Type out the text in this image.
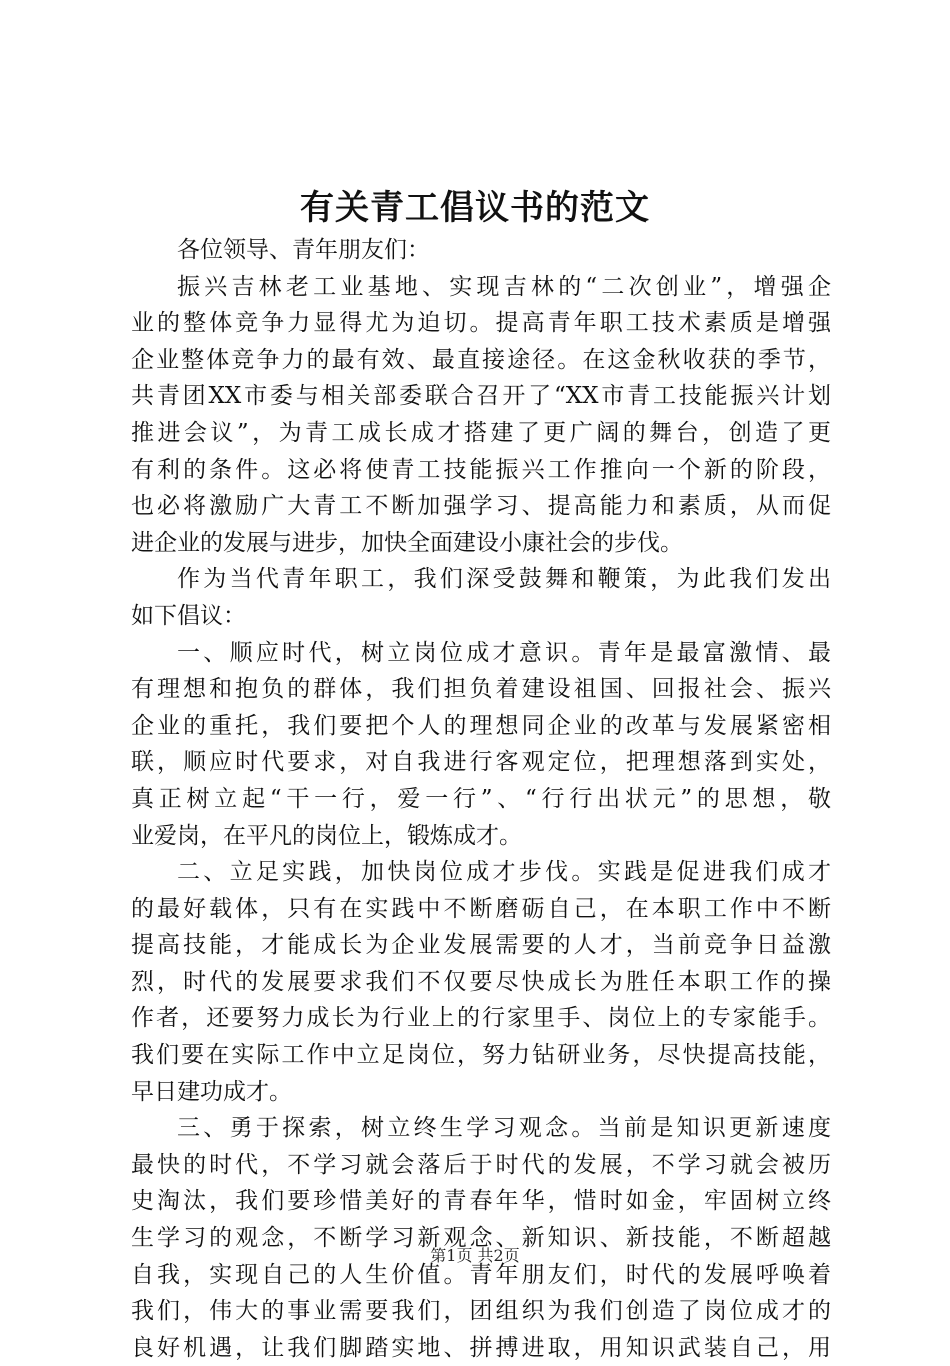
有关青工倡议书的范文
各位领导、青年朋友们：
振兴吉林老工业基地、实现吉林的“二次创业”，增强企
业的整体竞争力显得尤为迫切。提高青年职工技术素质是增强
企业整体竞争力的最有效、最直接途径。在这金秋收获的季节，
共青团XX市委与相关部委联合召开了“XX市青工技能振兴计划
推进会议”，为青工成长成才搭建了更广阔的舞台，创造了更
有利的条件。这必将使青工技能振兴工作推向一个新的阶段，
也必将激励广大青工不断加强学习、提高能力和素质，从而促
进企业的发展与进步，加快全面建设小康社会的步伐。
作为当代青年职工，我们深受鼓舞和鞭策，为此我们发出
如下倡议：
一、顺应时代，树立岗位成才意识。青年是最富激情、最
有理想和抱负的群体，我们担负着建设祖国、回报社会、振兴
企业的重托，我们要把个人的理想同企业的改革与发展紧密相
联，顺应时代要求，对自我进行客观定位，把理想落到实处，
真正树立起“干一行，爱一行”、“行行出状元”的思想，敬
业爱岗，在平凡的岗位上，锻炼成才。
二、立足实践，加快岗位成才步伐。实践是促进我们成才
的最好载体，只有在实践中不断磨砺自己，在本职工作中不断
提高技能，才能成长为企业发展需要的人才，当前竞争日益激
烈，时代的发展要求我们不仅要尽快成长为胜任本职工作的操
作者，还要努力成长为行业上的行家里手、岗位上的专家能手。
我们要在实际工作中立足岗位，努力钻研业务，尽快提高技能，
早日建功成才。
三、勇于探索，树立终生学习观念。当前是知识更新速度
最快的时代，不学习就会落后于时代的发展，不学习就会被历
史淘汰，我们要珍惜美好的青春年华，惜时如金，牢固树立终
生学习的观念，不断学习新观念、新知识、新技能，不断超越
自我，实现自己的人生价值。青年朋友们，时代的发展呼唤着
我们，伟大的事业需要我们，团组织为我们创造了岗位成才的
良好机遇，让我们脚踏实地、拼搏进取，用知识武装自己，用
第1页 共2页
